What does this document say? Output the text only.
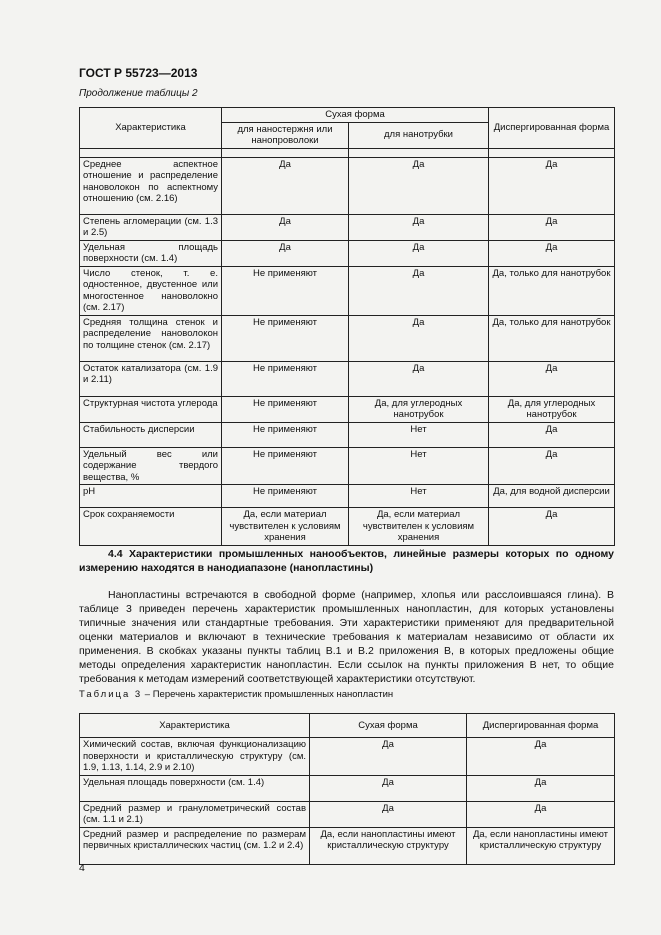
ГОСТ Р 55723—2013
Продолжение таблицы 2
Характеристика	Сухая форма		Диспергированная форма
	для наностержня или нанопроволоки	для нанотрубки	

Среднее аспектное отношение и распределение нановолокон по аспектному отношению (см. 2.16)	Да	Да	Да
Степень агломерации (см. 1.3 и 2.5)	Да	Да	Да
Удельная площадь поверхности (см. 1.4)	Да	Да	Да
Число стенок, т. е. одностенное, двустенное или многостенное нановолокно (см. 2.17)	Не применяют	Да	Да, только для нанотрубок
Средняя толщина стенок и распределение нановолокон по толщине стенок (см. 2.17)	Не применяют	Да	Да, только для нанотрубок
Остаток катализатора (см. 1.9 и 2.11)	Не применяют	Да	Да
Структурная чистота углерода	Не применяют	Да, для углеродных нанотрубок	Да, для углеродных нанотрубок
Стабильность дисперсии	Не применяют	Нет	Да
Удельный вес или содержание твердого вещества, %	Не применяют	Нет	Да
pH	Не применяют	Нет	Да, для водной дисперсии
Срок сохраняемости	Да, если материал чувствителен к условиям хранения	Да, если материал чувствителен к условиям хранения	Да
4.4 Характеристики промышленных нанообъектов, линейные размеры которых по одному измерению находятся в нанодиапазоне (нанопластины)
Нанопластины встречаются в свободной форме (например, хлопья или расслоившаяся глина). В таблице 3 приведен перечень характеристик промышленных нанопластин, для которых установлены типичные значения или стандартные требования. Эти характеристики применяют для предварительной оценки материалов и включают в технические требования к материалам независимо от области их применения. В скобках указаны пункты таблиц В.1 и В.2 приложения В, в которых предложены общие методы определения характеристик нанопластин. Если ссылок на пункты приложения В нет, то общие требования к методам измерений соответствующей характеристики отсутствуют.
Таблица 3 – Перечень характеристик промышленных нанопластин
Характеристика	Сухая форма	Диспергированная форма
Химический состав, включая функционализацию поверхности и кристаллическую структуру (см. 1.9, 1.13, 1.14, 2.9 и 2.10)	Да	Да
Удельная площадь поверхности (см. 1.4)	Да	Да
Средний размер и гранулометрический состав (см. 1.1 и 2.1)	Да	Да
Средний размер и распределение по размерам первичных кристаллических частиц (см. 1.2 и 2.4)	Да, если нанопластины имеют кристаллическую структуру	Да, если нанопластины имеют кристаллическую структуру
4
